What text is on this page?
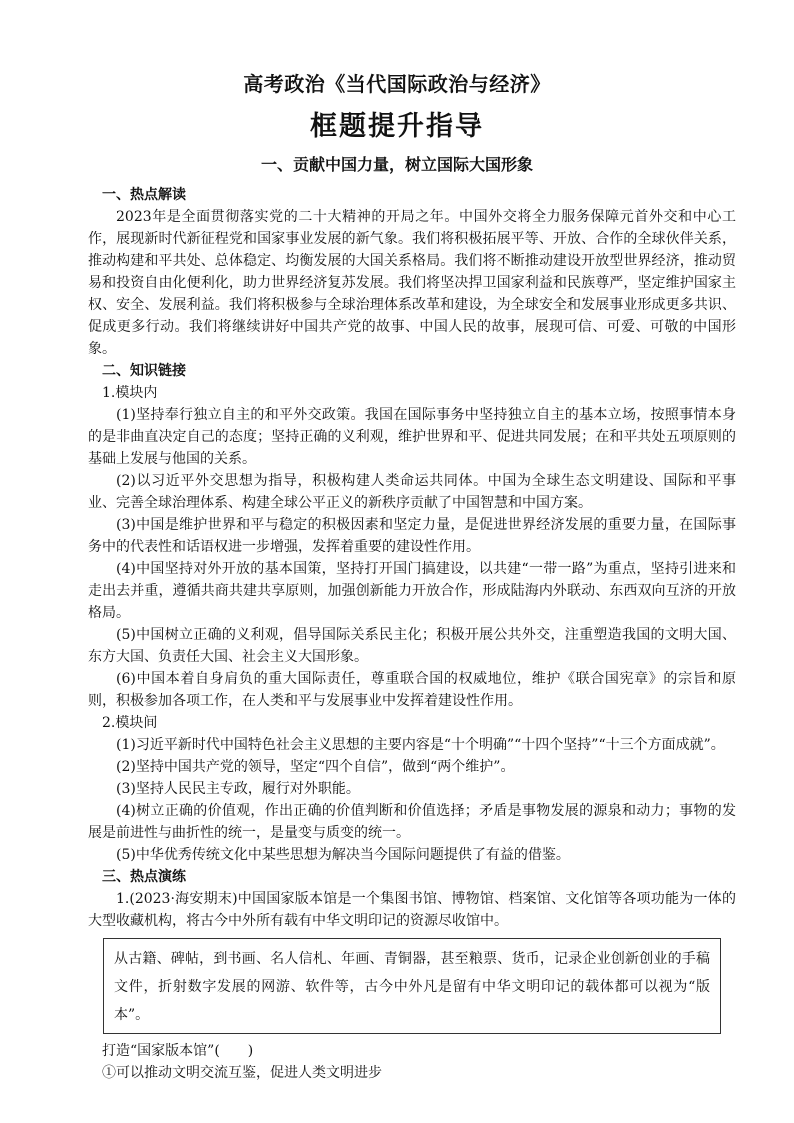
高考政治《当代国际政治与经济》
框题提升指导
一、贡献中国力量，树立国际大国形象

一、热点解读

2023年是全面贯彻落实党的二十大精神的开局之年。中国外交将全力服务保障元首外交和中心工作，展现新时代新征程党和国家事业发展的新气象。我们将积极拓展平等、开放、合作的全球伙伴关系，推动构建和平共处、总体稳定、均衡发展的大国关系格局。我们将不断推动建设开放型世界经济，推动贸易和投资自由化便利化，助力世界经济复苏发展。我们将坚决捍卫国家利益和民族尊严，坚定维护国家主权、安全、发展利益。我们将积极参与全球治理体系改革和建设，为全球安全和发展事业形成更多共识、促成更多行动。我们将继续讲好中国共产党的故事、中国人民的故事，展现可信、可爱、可敬的中国形象。

二、知识链接

1.模块内

(1)坚持奉行独立自主的和平外交政策。我国在国际事务中坚持独立自主的基本立场，按照事情本身的是非曲直决定自己的态度；坚持正确的义利观，维护世界和平、促进共同发展；在和平共处五项原则的基础上发展与他国的关系。

(2)以习近平外交思想为指导，积极构建人类命运共同体。中国为全球生态文明建设、国际和平事业、完善全球治理体系、构建全球公平正义的新秩序贡献了中国智慧和中国方案。

(3)中国是维护世界和平与稳定的积极因素和坚定力量，是促进世界经济发展的重要力量，在国际事务中的代表性和话语权进一步增强，发挥着重要的建设性作用。

(4)中国坚持对外开放的基本国策，坚持打开国门搞建设，以共建“一带一路”为重点，坚持引进来和走出去并重，遵循共商共建共享原则，加强创新能力开放合作，形成陆海内外联动、东西双向互济的开放格局。

(5)中国树立正确的义利观，倡导国际关系民主化；积极开展公共外交，注重塑造我国的文明大国、东方大国、负责任大国、社会主义大国形象。

(6)中国本着自身肩负的重大国际责任，尊重联合国的权威地位，维护《联合国宪章》的宗旨和原则，积极参加各项工作，在人类和平与发展事业中发挥着建设性作用。

2.模块间

(1)习近平新时代中国特色社会主义思想的主要内容是“十个明确”“十四个坚持”“十三个方面成就”。

(2)坚持中国共产党的领导，坚定“四个自信”，做到“两个维护”。

(3)坚持人民民主专政，履行对外职能。

(4)树立正确的价值观，作出正确的价值判断和价值选择；矛盾是事物发展的源泉和动力；事物的发展是前进性与曲折性的统一，是量变与质变的统一。

(5)中华优秀传统文化中某些思想为解决当今国际问题提供了有益的借鉴。

三、热点演练

1.(2023·海安期末)中国国家版本馆是一个集图书馆、博物馆、档案馆、文化馆等各项功能为一体的大型收藏机构，将古今中外所有载有中华文明印记的资源尽收馆中。

从古籍、碑帖，到书画、名人信札、年画、青铜器，甚至粮票、货币，记录企业创新创业的手稿文件，折射数字发展的网游、软件等，古今中外凡是留有中华文明印记的载体都可以视为“版本”。

打造“国家版本馆”(　　)

①可以推动文明交流互鉴，促进人类文明进步
